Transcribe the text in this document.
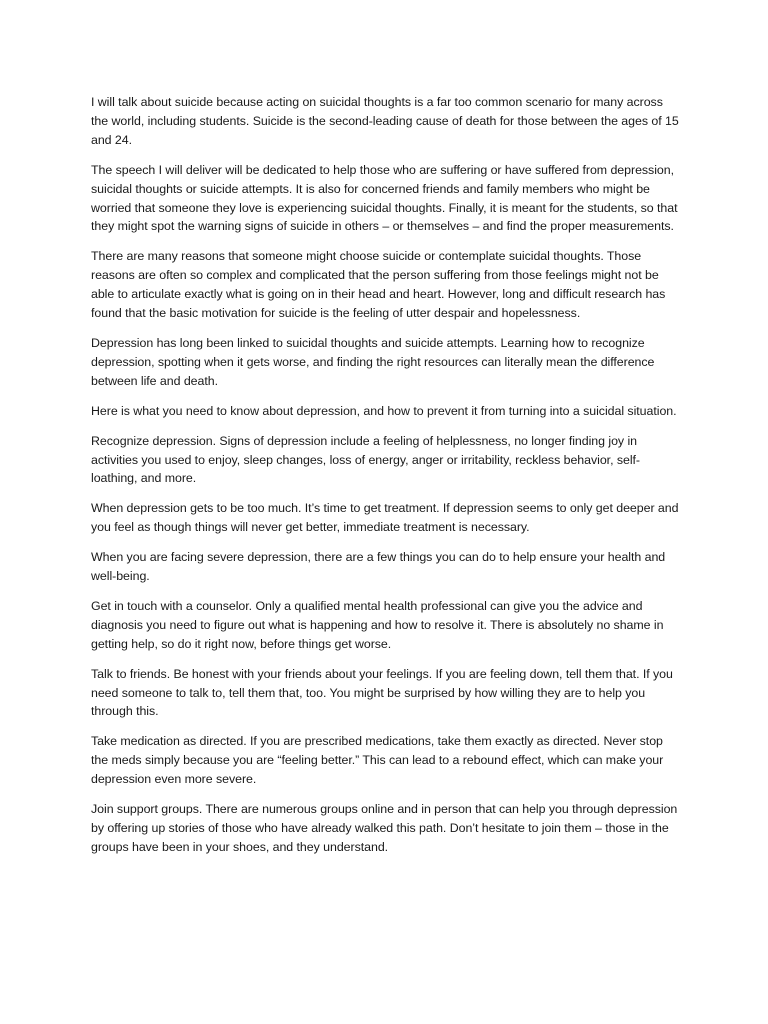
I will talk about suicide because acting on suicidal thoughts is a far too common scenario for many across the world, including students. Suicide is the second-leading cause of death for those between the ages of 15 and 24.

The speech I will deliver will be dedicated to help those who are suffering or have suffered from depression, suicidal thoughts or suicide attempts. It is also for concerned friends and family members who might be worried that someone they love is experiencing suicidal thoughts. Finally, it is meant for the students, so that they might spot the warning signs of suicide in others – or themselves – and find the proper measurements.

There are many reasons that someone might choose suicide or contemplate suicidal thoughts. Those reasons are often so complex and complicated that the person suffering from those feelings might not be able to articulate exactly what is going on in their head and heart. However, long and difficult research has found that the basic motivation for suicide is the feeling of utter despair and hopelessness.

Depression has long been linked to suicidal thoughts and suicide attempts. Learning how to recognize depression, spotting when it gets worse, and finding the right resources can literally mean the difference between life and death.

Here is what you need to know about depression, and how to prevent it from turning into a suicidal situation.

Recognize depression. Signs of depression include a feeling of helplessness, no longer finding joy in activities you used to enjoy, sleep changes, loss of energy, anger or irritability, reckless behavior, self-loathing, and more.

When depression gets to be too much. It’s time to get treatment. If depression seems to only get deeper and you feel as though things will never get better, immediate treatment is necessary.

When you are facing severe depression, there are a few things you can do to help ensure your health and well-being.

Get in touch with a counselor. Only a qualified mental health professional can give you the advice and diagnosis you need to figure out what is happening and how to resolve it. There is absolutely no shame in getting help, so do it right now, before things get worse.

Talk to friends. Be honest with your friends about your feelings. If you are feeling down, tell them that. If you need someone to talk to, tell them that, too. You might be surprised by how willing they are to help you through this.

Take medication as directed. If you are prescribed medications, take them exactly as directed. Never stop the meds simply because you are “feeling better.” This can lead to a rebound effect, which can make your depression even more severe.

Join support groups. There are numerous groups online and in person that can help you through depression by offering up stories of those who have already walked this path. Don’t hesitate to join them – those in the groups have been in your shoes, and they understand.
